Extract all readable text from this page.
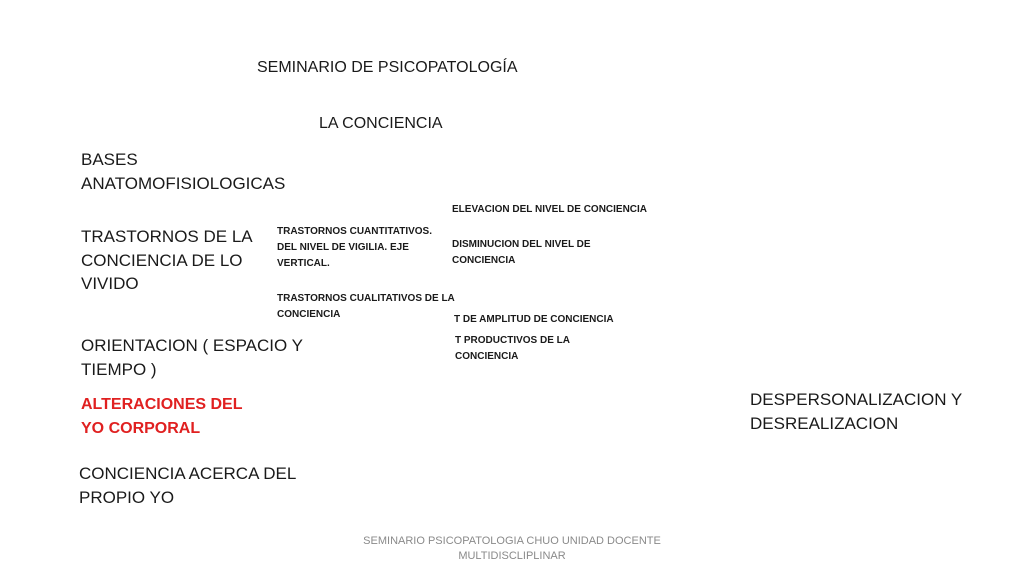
SEMINARIO DE PSICOPATOLOGÍA

LA CONCIENCIA

BASES
ANATOMOFISIOLOGICAS
TRASTORNOS DE LA
CONCIENCIA DE LO
VIVIDO
ORIENTACION ( ESPACIO Y
TIEMPO )
ALTERACIONES DEL
YO CORPORAL
CONCIENCIA ACERCA DEL
PROPIO YO
TRASTORNOS CUANTITATIVOS.
DEL NIVEL DE VIGILIA. EJE
VERTICAL.
TRASTORNOS CUALITATIVOS DE LA
CONCIENCIA

ELEVACION DEL NIVEL DE CONCIENCIA

DISMINUCION DEL NIVEL DE
CONCIENCIA

T DE AMPLITUD DE CONCIENCIA

T PRODUCTIVOS DE LA
CONCIENCIA
DESPERSONALIZACION Y
DESREALIZACION
SEMINARIO PSICOPATOLOGIA CHUO UNIDAD DOCENTE
MULTIDISCLIPLINAR
